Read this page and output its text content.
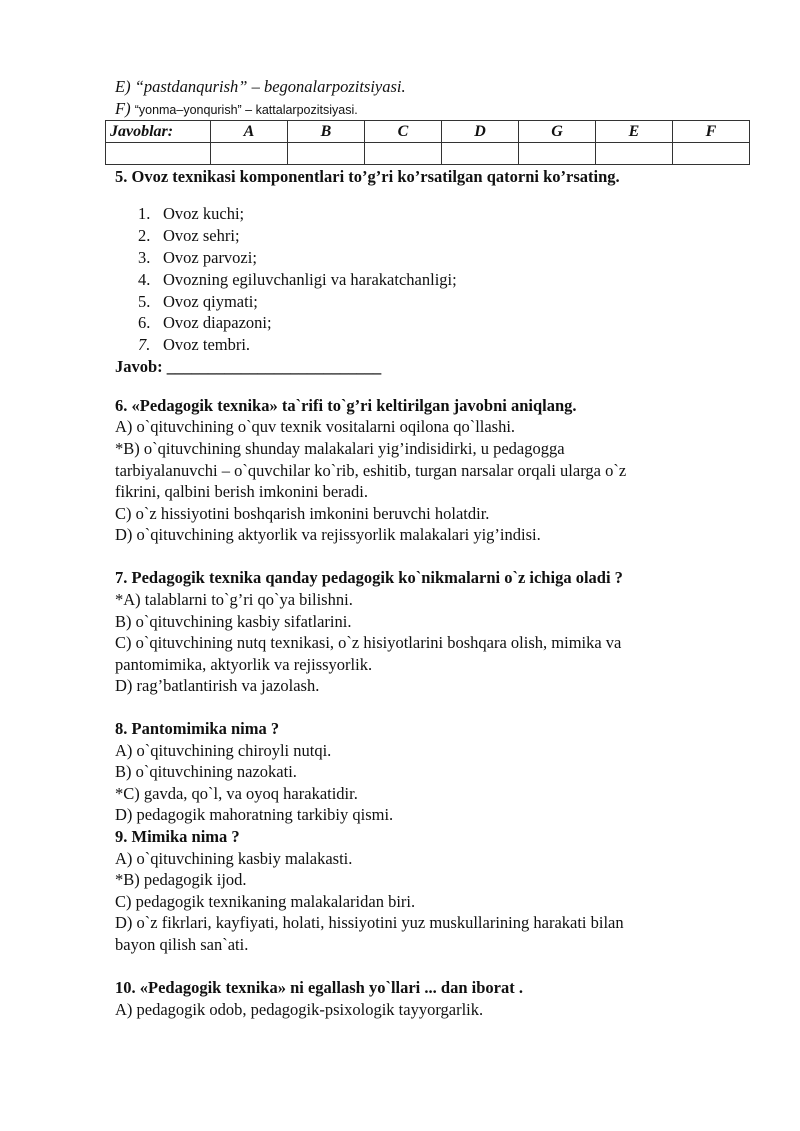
E) “pastdanqurish” – begonalarpozitsiyasi.
F) “yonma–yonqurish” – kattalarpozitsiyasi.
Javoblar:	A	B	C	D	G	E	F

5. Ovoz texnikasi komponentlari to’g’ri ko’rsatilgan qatorni ko’rsating.
1. Ovoz kuchi;
2. Ovoz sehri;
3. Ovoz parvozi;
4. Ovozning egiluvchanligi va harakatchanligi;
5. Ovoz qiymati;
6. Ovoz diapazoni;
7. Ovoz tembri.
Javob: __________________________
6. «Pedagogik texnika» ta`rifi to`g’ri keltirilgan javobni aniqlang.
A) o`qituvchining o`quv texnik vositalarni oqilona qo`llashi.
*B) o`qituvchining shunday malakalari yig’indisidirki, u pedagogga
tarbiyalanuvchi – o`quvchilar ko`rib, eshitib, turgan narsalar orqali ularga o`z
fikrini, qalbini berish imkonini beradi.
C) o`z hissiyotini boshqarish imkonini beruvchi holatdir.
D) o`qituvchining aktyorlik va rejissyorlik malakalari yig’indisi.
7. Pedagogik texnika qanday pedagogik ko`nikmalarni o`z ichiga oladi ?
*A) talablarni to`g’ri qo`ya bilishni.
B) o`qituvchining kasbiy sifatlarini.
C) o`qituvchining nutq texnikasi, o`z hisiyotlarini boshqara olish, mimika va
pantomimika, aktyorlik va rejissyorlik.
D) rag’batlantirish va jazolash.
8. Pantomimika nima ?
A) o`qituvchining chiroyli nutqi.
B) o`qituvchining nazokati.
*C) gavda, qo`l, va oyoq harakatidir.
D) pedagogik mahoratning tarkibiy qismi.
9. Mimika nima ?
A) o`qituvchining kasbiy malakasti.
*B) pedagogik ijod.
C) pedagogik texnikaning malakalaridan biri.
D) o`z fikrlari, kayfiyati, holati, hissiyotini yuz muskullarining harakati bilan
bayon qilish san`ati.
10. «Pedagogik texnika» ni egallash yo`llari ... dan iborat .
A) pedagogik odob, pedagogik-psixologik tayyorgarlik.
